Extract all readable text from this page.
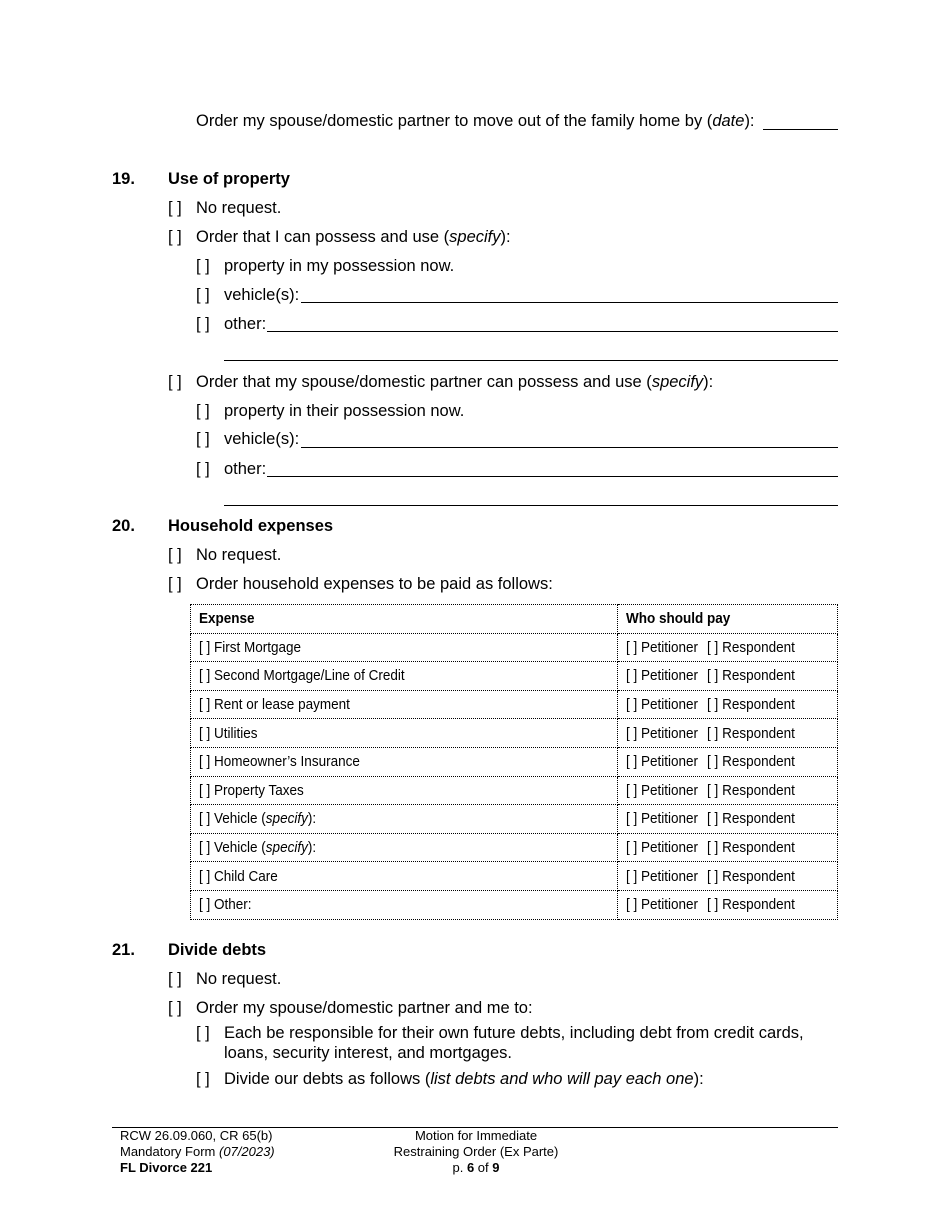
Order my spouse/domestic partner to move out of the family home by (date):
19. Use of property
[ ] No request.
[ ] Order that I can possess and use (specify):
[ ] property in my possession now.
[ ] vehicle(s):
[ ] other:
[ ] Order that my spouse/domestic partner can possess and use (specify):
[ ] property in their possession now.
[ ] vehicle(s):
[ ] other:
20. Household expenses
[ ] No request.
[ ] Order household expenses to be paid as follows:
Expense	Who should pay
[ ] First Mortgage	[ ] Petitioner [ ] Respondent
[ ] Second Mortgage/Line of Credit	[ ] Petitioner [ ] Respondent
[ ] Rent or lease payment	[ ] Petitioner [ ] Respondent
[ ] Utilities	[ ] Petitioner [ ] Respondent
[ ] Homeowner’s Insurance	[ ] Petitioner [ ] Respondent
[ ] Property Taxes	[ ] Petitioner [ ] Respondent
[ ] Vehicle (specify):	[ ] Petitioner [ ] Respondent
[ ] Vehicle (specify):	[ ] Petitioner [ ] Respondent
[ ] Child Care	[ ] Petitioner [ ] Respondent
[ ] Other:	[ ] Petitioner [ ] Respondent
21. Divide debts
[ ] No request.
[ ] Order my spouse/domestic partner and me to:
[ ] Each be responsible for their own future debts, including debt from credit cards,
loans, security interest, and mortgages.
[ ] Divide our debts as follows (list debts and who will pay each one):
RCW 26.09.060, CR 65(b)
Mandatory Form (07/2023)
FL Divorce 221
Motion for Immediate
Restraining Order (Ex Parte)
p. 6 of 9
